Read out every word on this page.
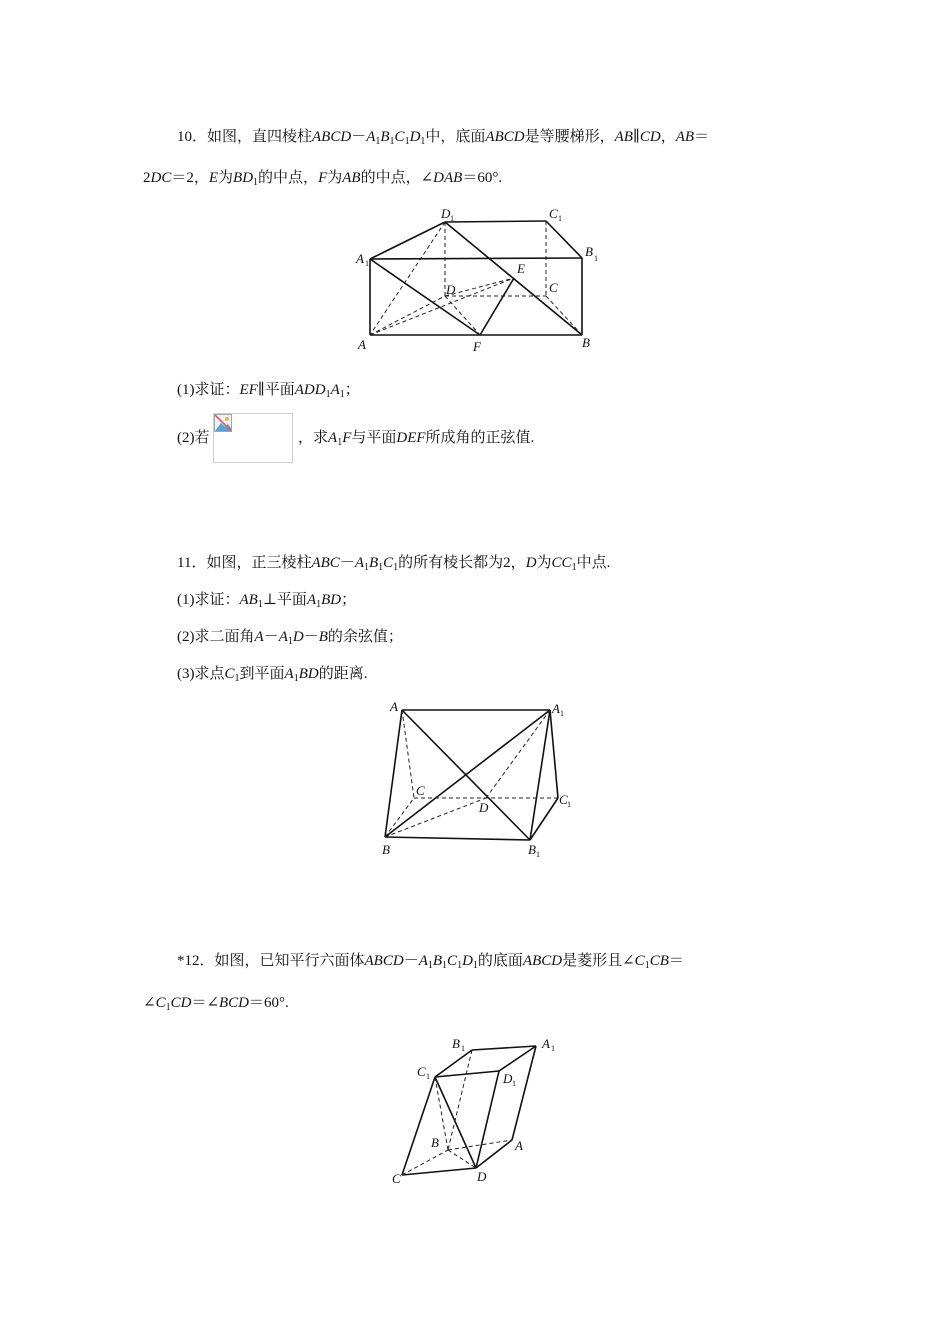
10．如图，直四棱柱$ABCD-A_1B_1C_1D_1$中，底面ABCD是等腰梯形，AB∥CD，AB＝
2DC＝2，E为$BD_1$的中点，F为AB的中点，∠DAB＝60°.
D 1	C 1
A 1
B 1
E
D	C
A	F	B
(1)求证：EF∥平面$ADD_1A_1$；
(2)若	，求$A_1F$与平面DEF所成角的正弦值.
11．如图，正三棱柱$ABC-A_1B_1C_1$的所有棱长都为2，D为$CC_1$中点.
(1)求证：$AB_1\perp$平面$A_1BD$；
(2)求二面角$A-A_1D-B$的余弦值；
(3)求点$C_1$到平面$A_1BD$的距离.
A	A 1
C
D
C 1
B	B 1
*12．如图，已知平行六面体$ABCD-A_1B_1C_1D_1$的底面ABCD是菱形且$\angle C_1CB=$
$\angle C_1CD=\angle BCD=60^\circ$.
B 1	A 1
C 1	D 1
B	A
C	D
